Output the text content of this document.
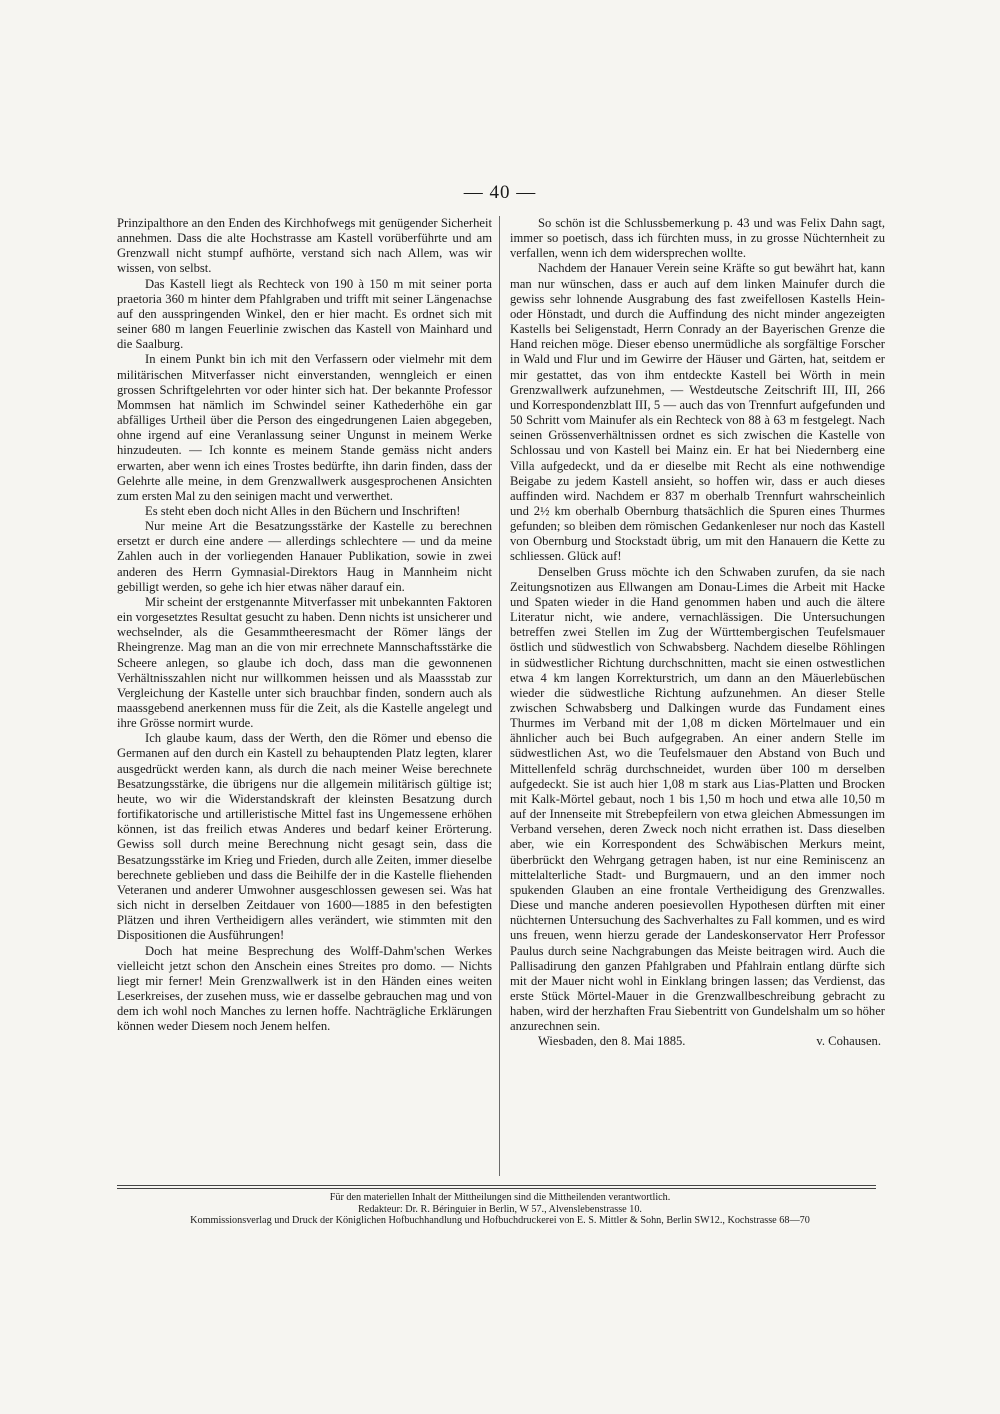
— 40 —

Prinzipalthore an den Enden des Kirchhofwegs mit genügender Sicherheit annehmen. Dass die alte Hochstrasse am Kastell vorüberführte und am Grenzwall nicht stumpf aufhörte, verstand sich nach Allem, was wir wissen, von selbst.

Das Kastell liegt als Rechteck von 190 à 150 m mit seiner porta praetoria 360 m hinter dem Pfahlgraben und trifft mit seiner Längenachse auf den ausspringenden Winkel, den er hier macht. Es ordnet sich mit seiner 680 m langen Feuerlinie zwischen das Kastell von Mainhard und die Saalburg.

In einem Punkt bin ich mit den Verfassern oder vielmehr mit dem militärischen Mitverfasser nicht einverstanden, wenngleich er einen grossen Schriftgelehrten vor oder hinter sich hat. Der bekannte Professor Mommsen hat nämlich im Schwindel seiner Kathederhöhe ein gar abfälliges Urtheil über die Person des eingedrungenen Laien abgegeben, ohne irgend auf eine Veranlassung seiner Ungunst in meinem Werke hinzudeuten. — Ich konnte es meinem Stande gemäss nicht anders erwarten, aber wenn ich eines Trostes bedürfte, ihn darin finden, dass der Gelehrte alle meine, in dem Grenzwallwerk ausgesprochenen Ansichten zum ersten Mal zu den seinigen macht und verwerthet.

Es steht eben doch nicht Alles in den Büchern und Inschriften!

Nur meine Art die Besatzungsstärke der Kastelle zu berechnen ersetzt er durch eine andere — allerdings schlechtere — und da meine Zahlen auch in der vorliegenden Hanauer Publikation, sowie in zwei anderen des Herrn Gymnasial-Direktors Haug in Mannheim nicht gebilligt werden, so gehe ich hier etwas näher darauf ein.

Mir scheint der erstgenannte Mitverfasser mit unbekannten Faktoren ein vorgesetztes Resultat gesucht zu haben. Denn nichts ist unsicherer und wechselnder, als die Gesammtheeresmacht der Römer längs der Rheingrenze. Mag man an die von mir errechnete Mannschaftsstärke die Scheere anlegen, so glaube ich doch, dass man die gewonnenen Verhältnisszahlen nicht nur willkommen heissen und als Maassstab zur Vergleichung der Kastelle unter sich brauchbar finden, sondern auch als maassgebend anerkennen muss für die Zeit, als die Kastelle angelegt und ihre Grösse normirt wurde.

Ich glaube kaum, dass der Werth, den die Römer und ebenso die Germanen auf den durch ein Kastell zu behauptenden Platz legten, klarer ausgedrückt werden kann, als durch die nach meiner Weise berechnete Besatzungsstärke, die übrigens nur die allgemein militärisch gültige ist; heute, wo wir die Widerstandskraft der kleinsten Besatzung durch fortifikatorische und artilleristische Mittel fast ins Ungemessene erhöhen können, ist das freilich etwas Anderes und bedarf keiner Erörterung. Gewiss soll durch meine Berechnung nicht gesagt sein, dass die Besatzungsstärke im Krieg und Frieden, durch alle Zeiten, immer dieselbe berechnete geblieben und dass die Beihilfe der in die Kastelle fliehenden Veteranen und anderer Umwohner ausgeschlossen gewesen sei. Was hat sich nicht in derselben Zeitdauer von 1600—1885 in den befestigten Plätzen und ihren Vertheidigern alles verändert, wie stimmten mit den Dispositionen die Ausführungen!

Doch hat meine Besprechung des Wolff-Dahm'schen Werkes vielleicht jetzt schon den Anschein eines Streites pro domo. — Nichts liegt mir ferner! Mein Grenzwallwerk ist in den Händen eines weiten Leserkreises, der zusehen muss, wie er dasselbe gebrauchen mag und von dem ich wohl noch Manches zu lernen hoffe. Nachträgliche Erklärungen können weder Diesem noch Jenem helfen.

So schön ist die Schlussbemerkung p. 43 und was Felix Dahn sagt, immer so poetisch, dass ich fürchten muss, in zu grosse Nüchternheit zu verfallen, wenn ich dem widersprechen wollte.

Nachdem der Hanauer Verein seine Kräfte so gut bewährt hat, kann man nur wünschen, dass er auch auf dem linken Mainufer durch die gewiss sehr lohnende Ausgrabung des fast zweifellosen Kastells Hein- oder Hönstadt, und durch die Auffindung des nicht minder angezeigten Kastells bei Seligenstadt, Herrn Conrady an der Bayerischen Grenze die Hand reichen möge. Dieser ebenso unermüdliche als sorgfältige Forscher in Wald und Flur und im Gewirre der Häuser und Gärten, hat, seitdem er mir gestattet, das von ihm entdeckte Kastell bei Wörth in mein Grenzwallwerk aufzunehmen, — Westdeutsche Zeitschrift III, III, 266 und Korrespondenzblatt III, 5 — auch das von Trennfurt aufgefunden und 50 Schritt vom Mainufer als ein Rechteck von 88 à 63 m festgelegt. Nach seinen Grössenverhältnissen ordnet es sich zwischen die Kastelle von Schlossau und von Kastell bei Mainz ein. Er hat bei Niedernberg eine Villa aufgedeckt, und da er dieselbe mit Recht als eine nothwendige Beigabe zu jedem Kastell ansieht, so hoffen wir, dass er auch dieses auffinden wird. Nachdem er 837 m oberhalb Trennfurt wahrscheinlich und 2½ km oberhalb Obernburg thatsächlich die Spuren eines Thurmes gefunden; so bleiben dem römischen Gedankenleser nur noch das Kastell von Obernburg und Stockstadt übrig, um mit den Hanauern die Kette zu schliessen. Glück auf!

Denselben Gruss möchte ich den Schwaben zurufen, da sie nach Zeitungsnotizen aus Ellwangen am Donau-Limes die Arbeit mit Hacke und Spaten wieder in die Hand genommen haben und auch die ältere Literatur nicht, wie andere, vernachlässigen. Die Untersuchungen betreffen zwei Stellen im Zug der Württembergischen Teufelsmauer östlich und südwestlich von Schwabsberg. Nachdem dieselbe Röhlingen in südwestlicher Richtung durchschnitten, macht sie einen ostwestlichen etwa 4 km langen Korrekturstrich, um dann an den Mäuerlebüschen wieder die südwestliche Richtung aufzunehmen. An dieser Stelle zwischen Schwabsberg und Dalkingen wurde das Fundament eines Thurmes im Verband mit der 1,08 m dicken Mörtelmauer und ein ähnlicher auch bei Buch aufgegraben. An einer andern Stelle im südwestlichen Ast, wo die Teufelsmauer den Abstand von Buch und Mittellenfeld schräg durchschneidet, wurden über 100 m derselben aufgedeckt. Sie ist auch hier 1,08 m stark aus Lias-Platten und Brocken mit Kalk-Mörtel gebaut, noch 1 bis 1,50 m hoch und etwa alle 10,50 m auf der Innenseite mit Strebepfeilern von etwa gleichen Abmessungen im Verband versehen, deren Zweck noch nicht errathen ist. Dass dieselben aber, wie ein Korrespondent des Schwäbischen Merkurs meint, überbrückt den Wehrgang getragen haben, ist nur eine Reminiscenz an mittelalterliche Stadt- und Burgmauern, und an den immer noch spukenden Glauben an eine frontale Vertheidigung des Grenzwalles. Diese und manche anderen poesievollen Hypothesen dürften mit einer nüchternen Untersuchung des Sachverhaltes zu Fall kommen, und es wird uns freuen, wenn hierzu gerade der Landeskonservator Herr Professor Paulus durch seine Nachgrabungen das Meiste beitragen wird. Auch die Pallisadirung den ganzen Pfahlgraben und Pfahlrain entlang dürfte sich mit der Mauer nicht wohl in Einklang bringen lassen; das Verdienst, das erste Stück Mörtel-Mauer in die Grenzwallbeschreibung gebracht zu haben, wird der herzhaften Frau Siebentritt von Gundelshalm um so höher anzurechnen sein.

Wiesbaden, den 8. Mai 1885.	v. Cohausen.
Für den materiellen Inhalt der Mittheilungen sind die Mittheilenden verantwortlich.
Redakteur: Dr. R. Béringuier in Berlin, W 57., Alvenslebenstrasse 10.
Kommissionsverlag und Druck der Königlichen Hofbuchhandlung und Hofbuchdruckerei von E. S. Mittler & Sohn, Berlin SW12., Kochstrasse 68—70
